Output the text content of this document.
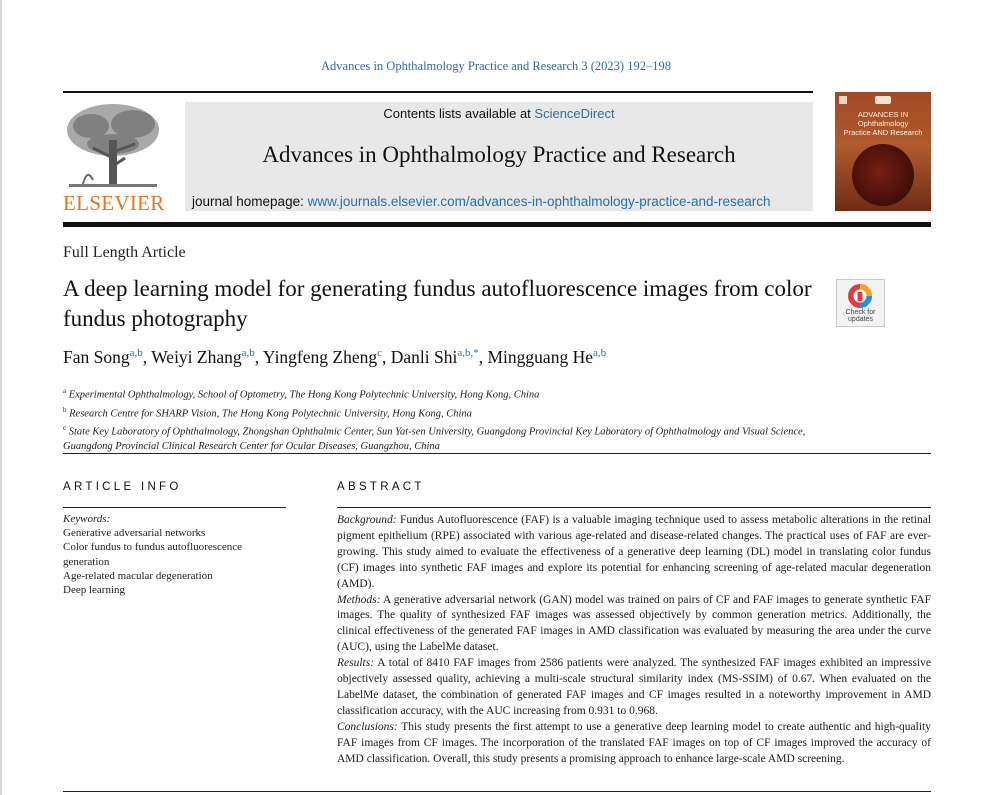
Advances in Ophthalmology Practice and Research 3 (2023) 192–198
ELSEVIER
Contents lists available at ScienceDirect
Advances in Ophthalmology Practice and Research
journal homepage: www.journals.elsevier.com/advances-in-ophthalmology-practice-and-research
ADVANCES IN
Ophthalmology
Practice AND Research
Full Length Article
A deep learning model for generating fundus autofluorescence images from color fundus photography	Check for
updates
Fan Song$^{a,b}$, Weiyi Zhang$^{a,b}$, Yingfeng Zheng$^c$, Danli Shi$^{a,b,*}$, Mingguang He$^{a,b}$
$^a$ Experimental Ophthalmology, School of Optometry, The Hong Kong Polytechnic University, Hong Kong, China
$^b$ Research Centre for SHARP Vision, The Hong Kong Polytechnic University, Hong Kong, China
$^c$ State Key Laboratory of Ophthalmology, Zhongshan Ophthalmic Center, Sun Yat-sen University, Guangdong Provincial Key Laboratory of Ophthalmology and Visual Science, Guangdong Provincial Clinical Research Center for Ocular Diseases, Guangzhou, China
ARTICLE INFO	ABSTRACT
Keywords:
Generative adversarial networks
Color fundus to fundus autofluorescence generation
Age-related macular degeneration
Deep learning

Background: Fundus Autofluorescence (FAF) is a valuable imaging technique used to assess metabolic alterations in the retinal pigment epithelium (RPE) associated with various age-related and disease-related changes. The practical uses of FAF are ever-growing. This study aimed to evaluate the effectiveness of a generative deep learning (DL) model in translating color fundus (CF) images into synthetic FAF images and explore its potential for enhancing screening of age-related macular degeneration (AMD).

Methods: A generative adversarial network (GAN) model was trained on pairs of CF and FAF images to generate synthetic FAF images. The quality of synthesized FAF images was assessed objectively by common generation metrics. Additionally, the clinical effectiveness of the generated FAF images in AMD classification was evaluated by measuring the area under the curve (AUC), using the LabelMe dataset.

Results: A total of 8410 FAF images from 2586 patients were analyzed. The synthesized FAF images exhibited an impressive objectively assessed quality, achieving a multi-scale structural similarity index (MS-SSIM) of 0.67. When evaluated on the LabelMe dataset, the combination of generated FAF images and CF images resulted in a noteworthy improvement in AMD classification accuracy, with the AUC increasing from 0.931 to 0.968.

Conclusions: This study presents the first attempt to use a generative deep learning model to create authentic and high-quality FAF images from CF images. The incorporation of the translated FAF images on top of CF images improved the accuracy of AMD classification. Overall, this study presents a promising approach to enhance large-scale AMD screening.
